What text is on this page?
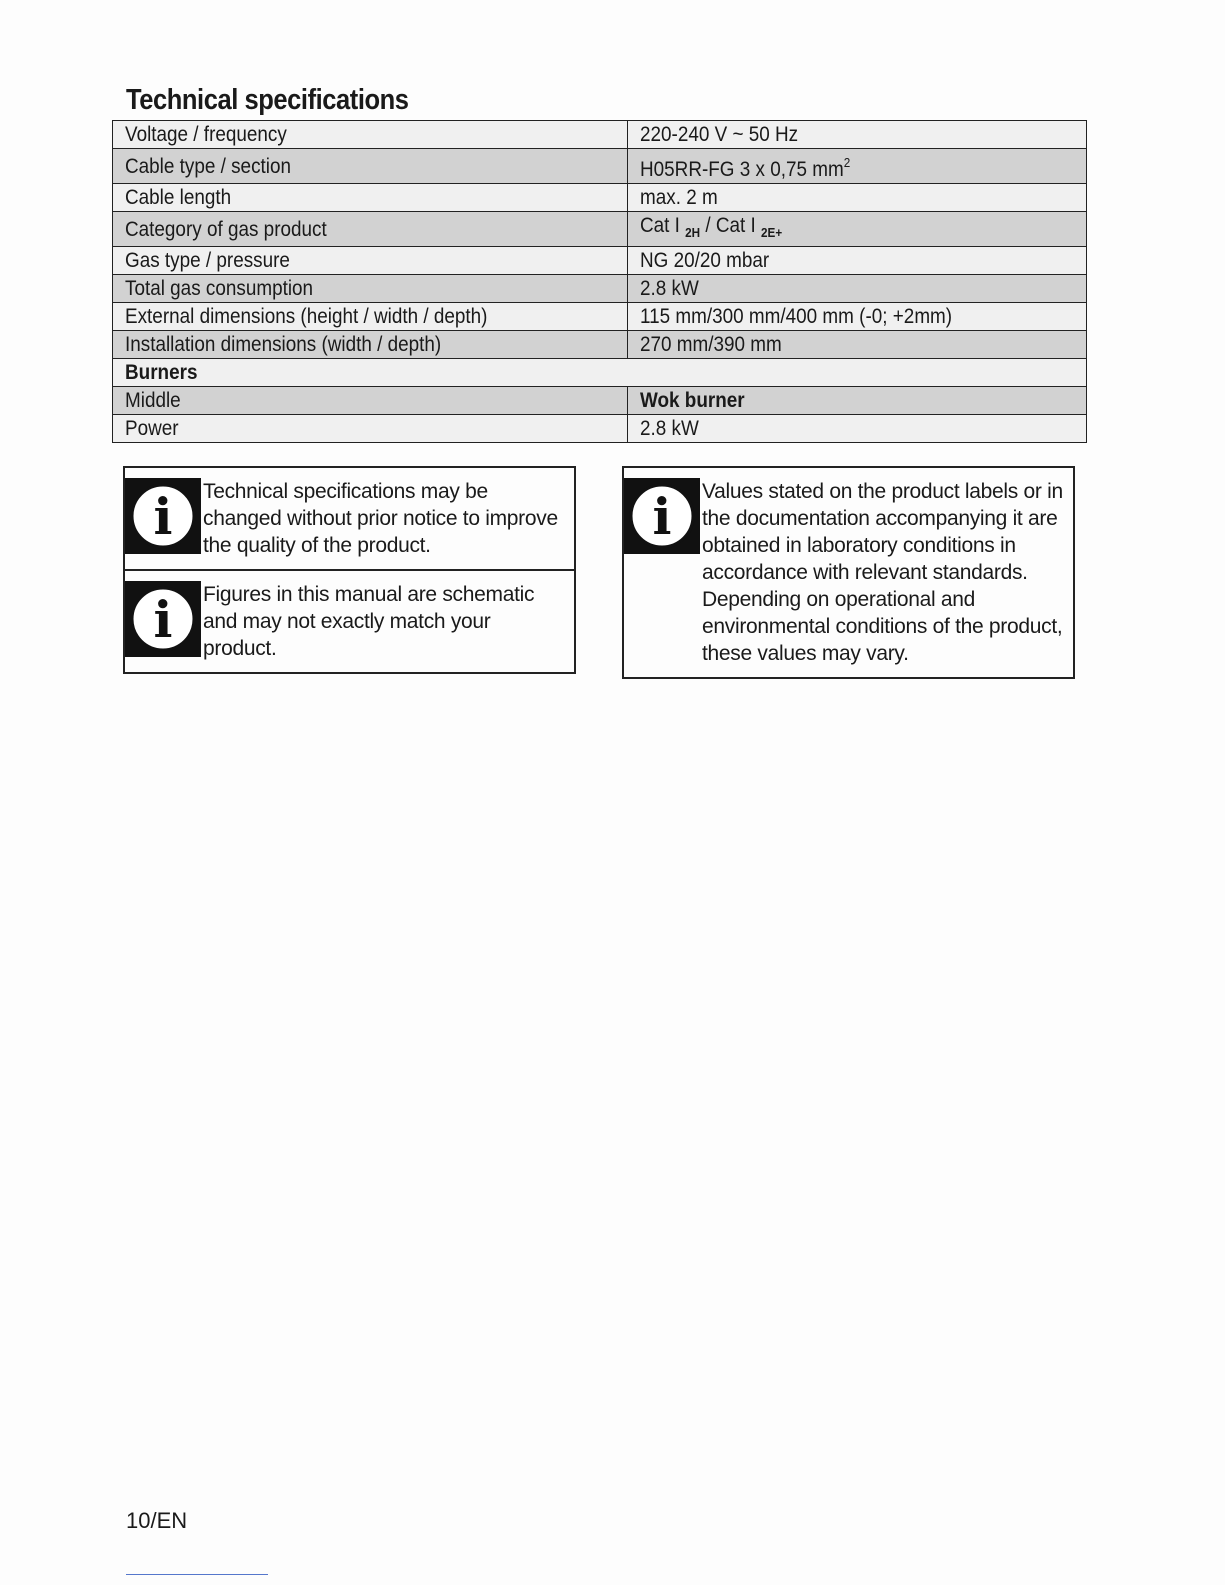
Technical specifications
Voltage / frequency	220-240 V ~ 50 Hz
Cable type / section	H05RR-FG 3 x 0,75 $mm^2$
Cable length	max. 2 m
Category of gas product	Cat I $_{2H}$ / Cat I $_{2E+}$
Gas type / pressure	NG 20/20 mbar
Total gas consumption	2.8 kW
External dimensions (height / width / depth)	115 mm/300 mm/400 mm (-0; +2mm)
Installation dimensions (width / depth)	270 mm/390 mm
Burners	
Middle	Wok burner
Power	2.8 kW
i Technical specifications may be changed without prior notice to improve the quality of the product.
i Figures in this manual are schematic and may not exactly match your product.
i Values stated on the product labels or in the documentation accompanying it are obtained in laboratory conditions in accordance with relevant standards. Depending on operational and environmental conditions of the product, these values may vary.
10/EN
